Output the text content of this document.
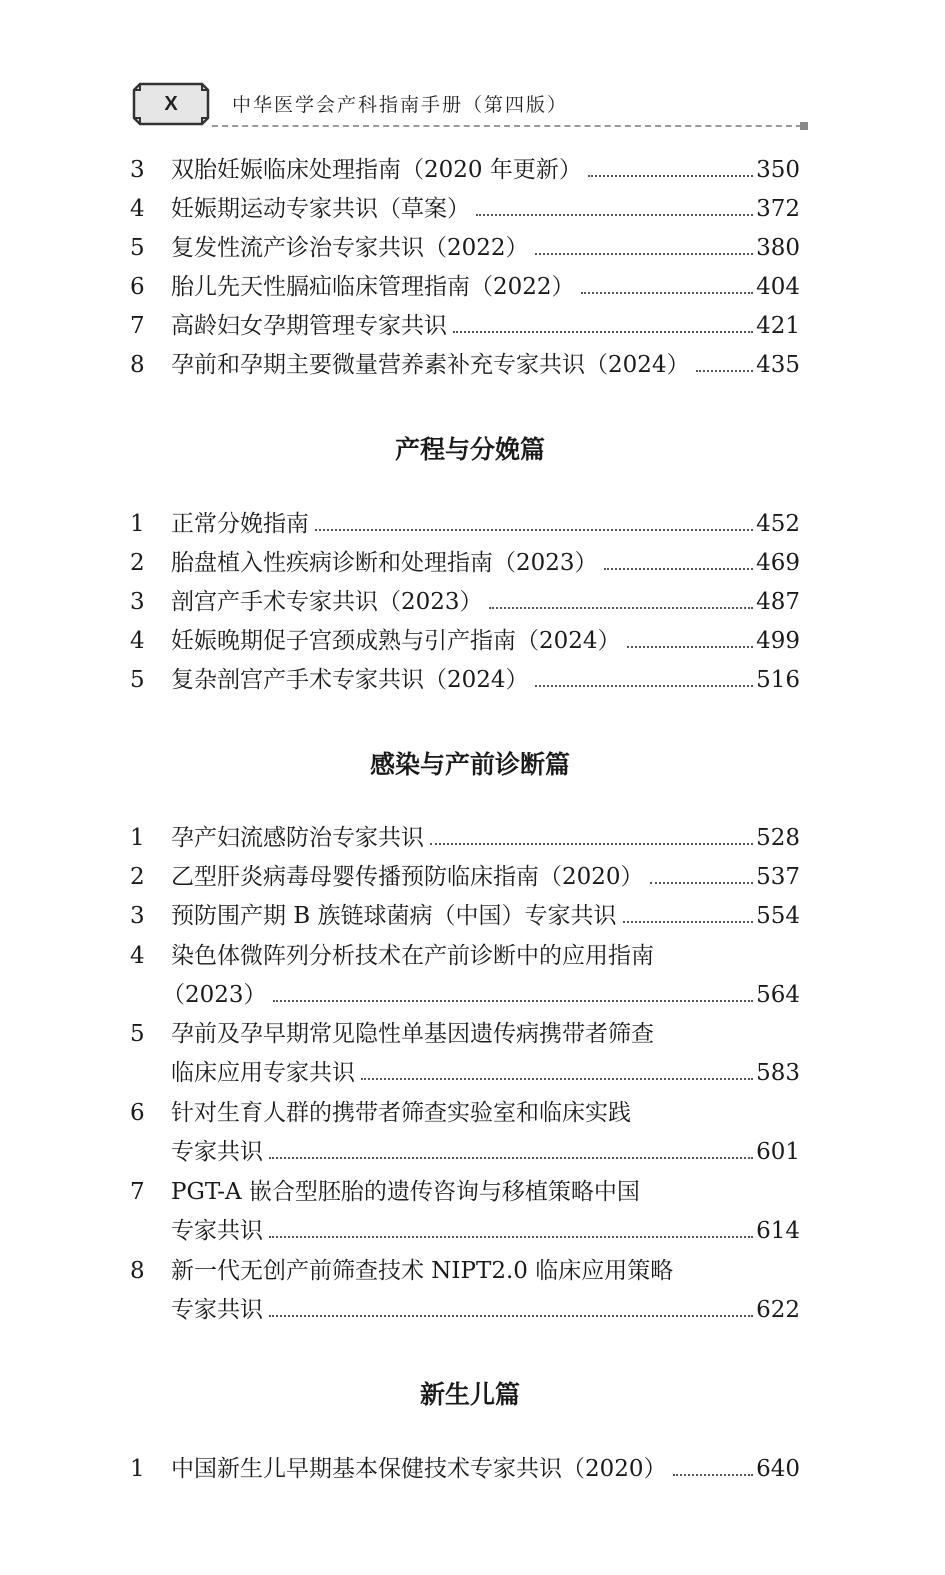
X	中华医学会产科指南手册（第四版）
3	双胎妊娠临床处理指南（2020 年更新）	350
4	妊娠期运动专家共识（草案）	372
5	复发性流产诊治专家共识（2022）	380
6	胎儿先天性膈疝临床管理指南（2022）	404
7	高龄妇女孕期管理专家共识	421
8	孕前和孕期主要微量营养素补充专家共识（2024）	435
产程与分娩篇
1	正常分娩指南	452
2	胎盘植入性疾病诊断和处理指南（2023）	469
3	剖宫产手术专家共识（2023）	487
4	妊娠晚期促子宫颈成熟与引产指南（2024）	499
5	复杂剖宫产手术专家共识（2024）	516
感染与产前诊断篇
1	孕产妇流感防治专家共识	528
2	乙型肝炎病毒母婴传播预防临床指南（2020）	537
3	预防围产期 B 族链球菌病（中国）专家共识	554
4	染色体微阵列分析技术在产前诊断中的应用指南
（2023）	564
5	孕前及孕早期常见隐性单基因遗传病携带者筛查
临床应用专家共识	583
6	针对生育人群的携带者筛查实验室和临床实践
专家共识	601
7	PGT-A 嵌合型胚胎的遗传咨询与移植策略中国
专家共识	614
8	新一代无创产前筛查技术 NIPT2.0 临床应用策略
专家共识	622
新生儿篇
1	中国新生儿早期基本保健技术专家共识（2020）	640
